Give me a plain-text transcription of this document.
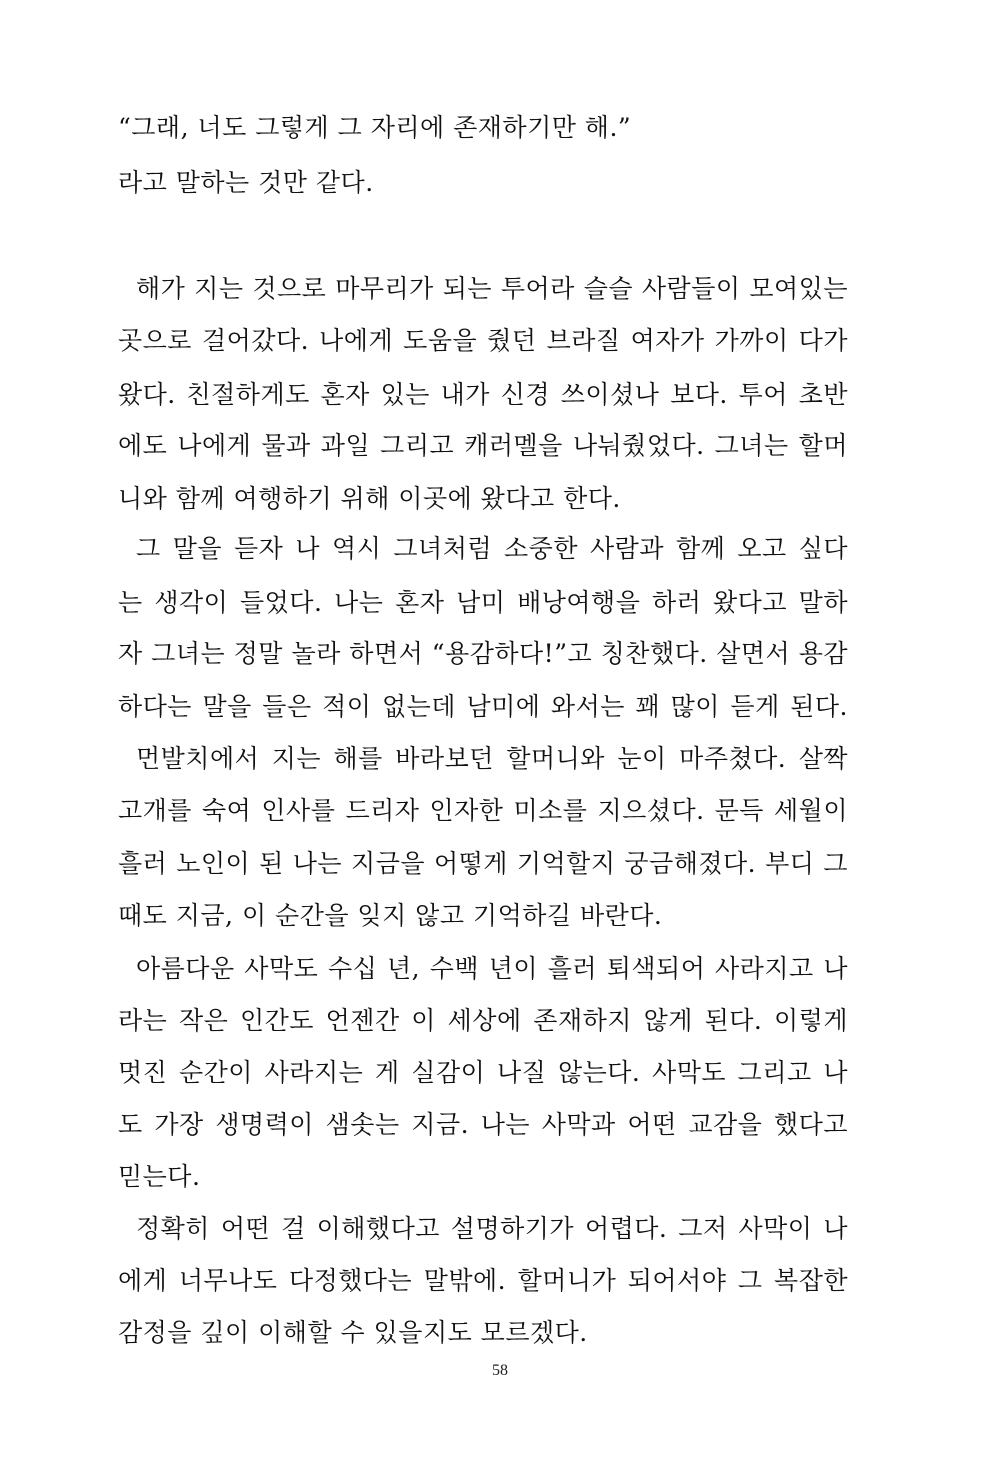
“그래, 너도 그렇게 그 자리에 존재하기만 해.”

라고 말하는 것만 같다.

해가 지는 것으로 마무리가 되는 투어라 슬슬 사람들이 모여있는

곳으로 걸어갔다. 나에게 도움을 줬던 브라질 여자가 가까이 다가

왔다. 친절하게도 혼자 있는 내가 신경 쓰이셨나 보다. 투어 초반

에도 나에게 물과 과일 그리고 캐러멜을 나눠줬었다. 그녀는 할머

니와 함께 여행하기 위해 이곳에 왔다고 한다.

그 말을 듣자 나 역시 그녀처럼 소중한 사람과 함께 오고 싶다

는 생각이 들었다. 나는 혼자 남미 배낭여행을 하러 왔다고 말하

자 그녀는 정말 놀라 하면서 “용감하다!”고 칭찬했다. 살면서 용감

하다는 말을 들은 적이 없는데 남미에 와서는 꽤 많이 듣게 된다.

먼발치에서 지는 해를 바라보던 할머니와 눈이 마주쳤다. 살짝

고개를 숙여 인사를 드리자 인자한 미소를 지으셨다. 문득 세월이

흘러 노인이 된 나는 지금을 어떻게 기억할지 궁금해졌다. 부디 그

때도 지금, 이 순간을 잊지 않고 기억하길 바란다.

아름다운 사막도 수십 년, 수백 년이 흘러 퇴색되어 사라지고 나

라는 작은 인간도 언젠간 이 세상에 존재하지 않게 된다. 이렇게

멋진 순간이 사라지는 게 실감이 나질 않는다. 사막도 그리고 나

도 가장 생명력이 샘솟는 지금. 나는 사막과 어떤 교감을 했다고

믿는다.

정확히 어떤 걸 이해했다고 설명하기가 어렵다. 그저 사막이 나

에게 너무나도 다정했다는 말밖에. 할머니가 되어서야 그 복잡한

감정을 깊이 이해할 수 있을지도 모르겠다.

58
